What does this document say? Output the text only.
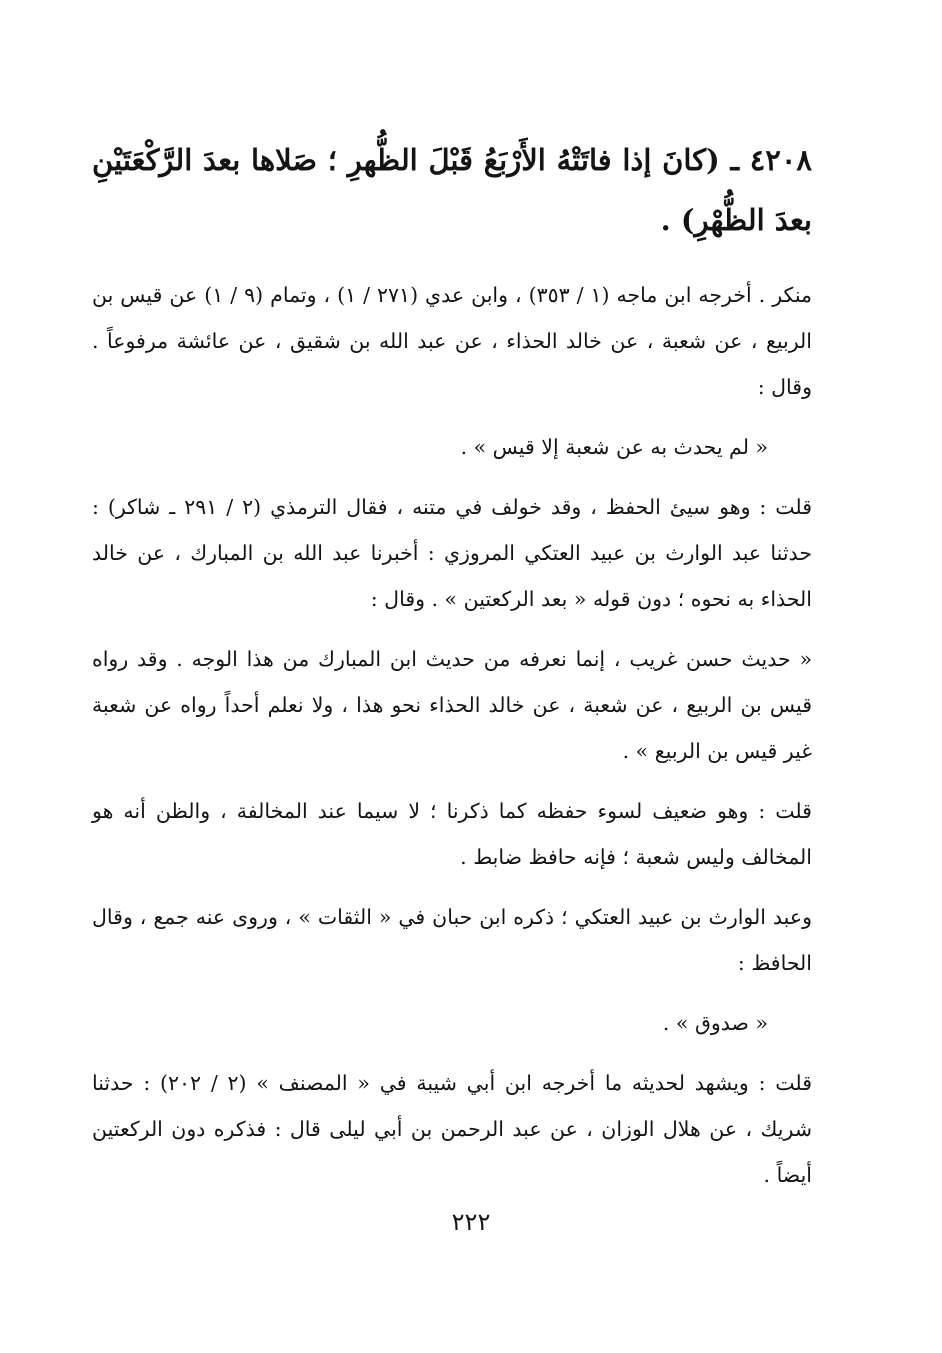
٤٢٠٨ ـ (كانَ إذا فاتَتْهُ الأَرْبَعُ قَبْلَ الظُّهرِ ؛ صَلاها بعدَ الرَّكْعَتَيْنِ بعدَ الظُّهْرِ) .

منكر . أخرجه ابن ماجه (١ / ٣٥٣) ، وابن عدي (٢٧١ / ١) ، وتمام (٩ / ١) عن قيس بن الربيع ، عن شعبة ، عن خالد الحذاء ، عن عبد الله بن شقيق ، عن عائشة مرفوعاً . وقال :

« لم يحدث به عن شعبة إلا قيس » .

قلت : وهو سيئ الحفظ ، وقد خولف في متنه ، فقال الترمذي (٢ / ٢٩١ ـ شاكر) : حدثنا عبد الوارث بن عبيد العتكي المروزي : أخبرنا عبد الله بن المبارك ، عن خالد الحذاء به نحوه ؛ دون قوله « بعد الركعتين » . وقال :

« حديث حسن غريب ، إنما نعرفه من حديث ابن المبارك من هذا الوجه . وقد رواه قيس بن الربيع ، عن شعبة ، عن خالد الحذاء نحو هذا ، ولا نعلم أحداً رواه عن شعبة غير قيس بن الربيع » .

قلت : وهو ضعيف لسوء حفظه كما ذكرنا ؛ لا سيما عند المخالفة ، والظن أنه هو المخالف وليس شعبة ؛ فإنه حافظ ضابط .

وعبد الوارث بن عبيد العتكي ؛ ذكره ابن حبان في « الثقات » ، وروى عنه جمع ، وقال الحافظ :

« صدوق » .

قلت : ويشهد لحديثه ما أخرجه ابن أبي شيبة في « المصنف » (٢ / ٢٠٢) : حدثنا شريك ، عن هلال الوزان ، عن عبد الرحمن بن أبي ليلى قال : فذكره دون الركعتين أيضاً .

٢٢٢
